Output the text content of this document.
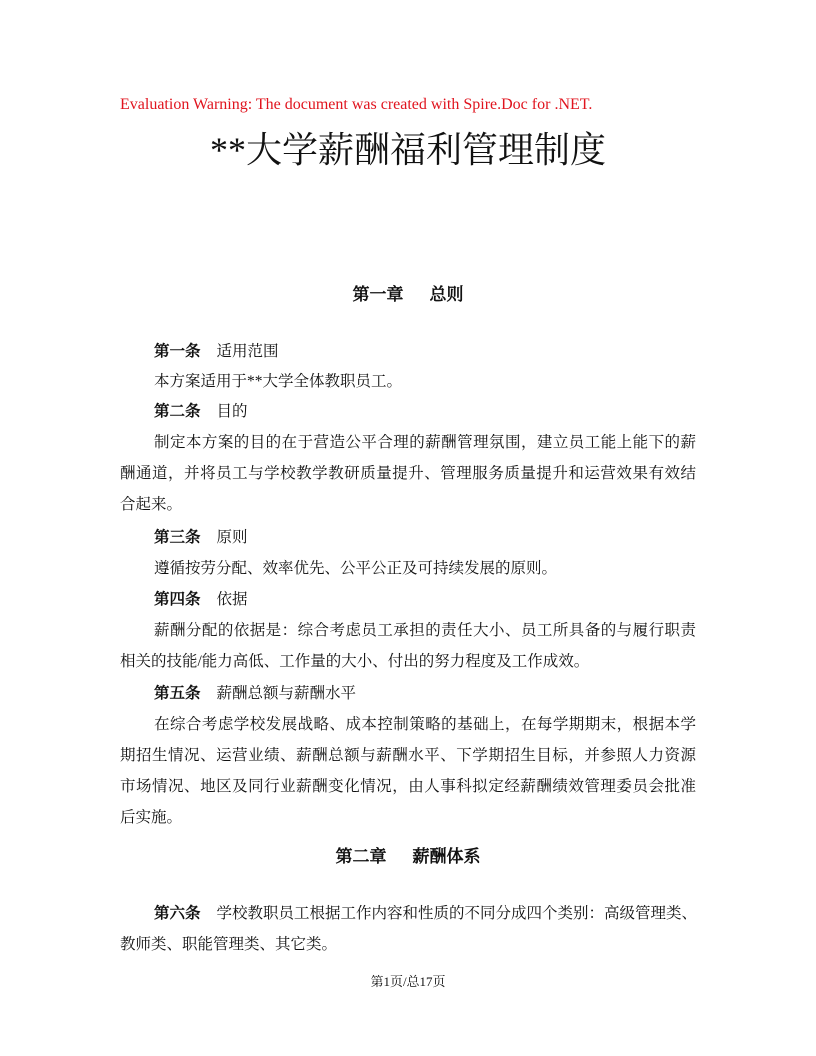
Evaluation Warning: The document was created with Spire.Doc for .NET.
**大学薪酬福利管理制度
第一章 总则
第一条 适用范围
本方案适用于**大学全体教职员工。
第二条 目的
制定本方案的目的在于营造公平合理的薪酬管理氛围，建立员工能上能下的薪
酬通道，并将员工与学校教学教研质量提升、管理服务质量提升和运营效果有效结
合起来。
第三条 原则
遵循按劳分配、效率优先、公平公正及可持续发展的原则。
第四条 依据
薪酬分配的依据是：综合考虑员工承担的责任大小、员工所具备的与履行职责
相关的技能/能力高低、工作量的大小、付出的努力程度及工作成效。
第五条 薪酬总额与薪酬水平
在综合考虑学校发展战略、成本控制策略的基础上，在每学期期末，根据本学
期招生情况、运营业绩、薪酬总额与薪酬水平、下学期招生目标，并参照人力资源
市场情况、地区及同行业薪酬变化情况，由人事科拟定经薪酬绩效管理委员会批准
后实施。
第二章 薪酬体系
第六条 学校教职员工根据工作内容和性质的不同分成四个类别：高级管理类、
教师类、职能管理类、其它类。
第1页/总17页
